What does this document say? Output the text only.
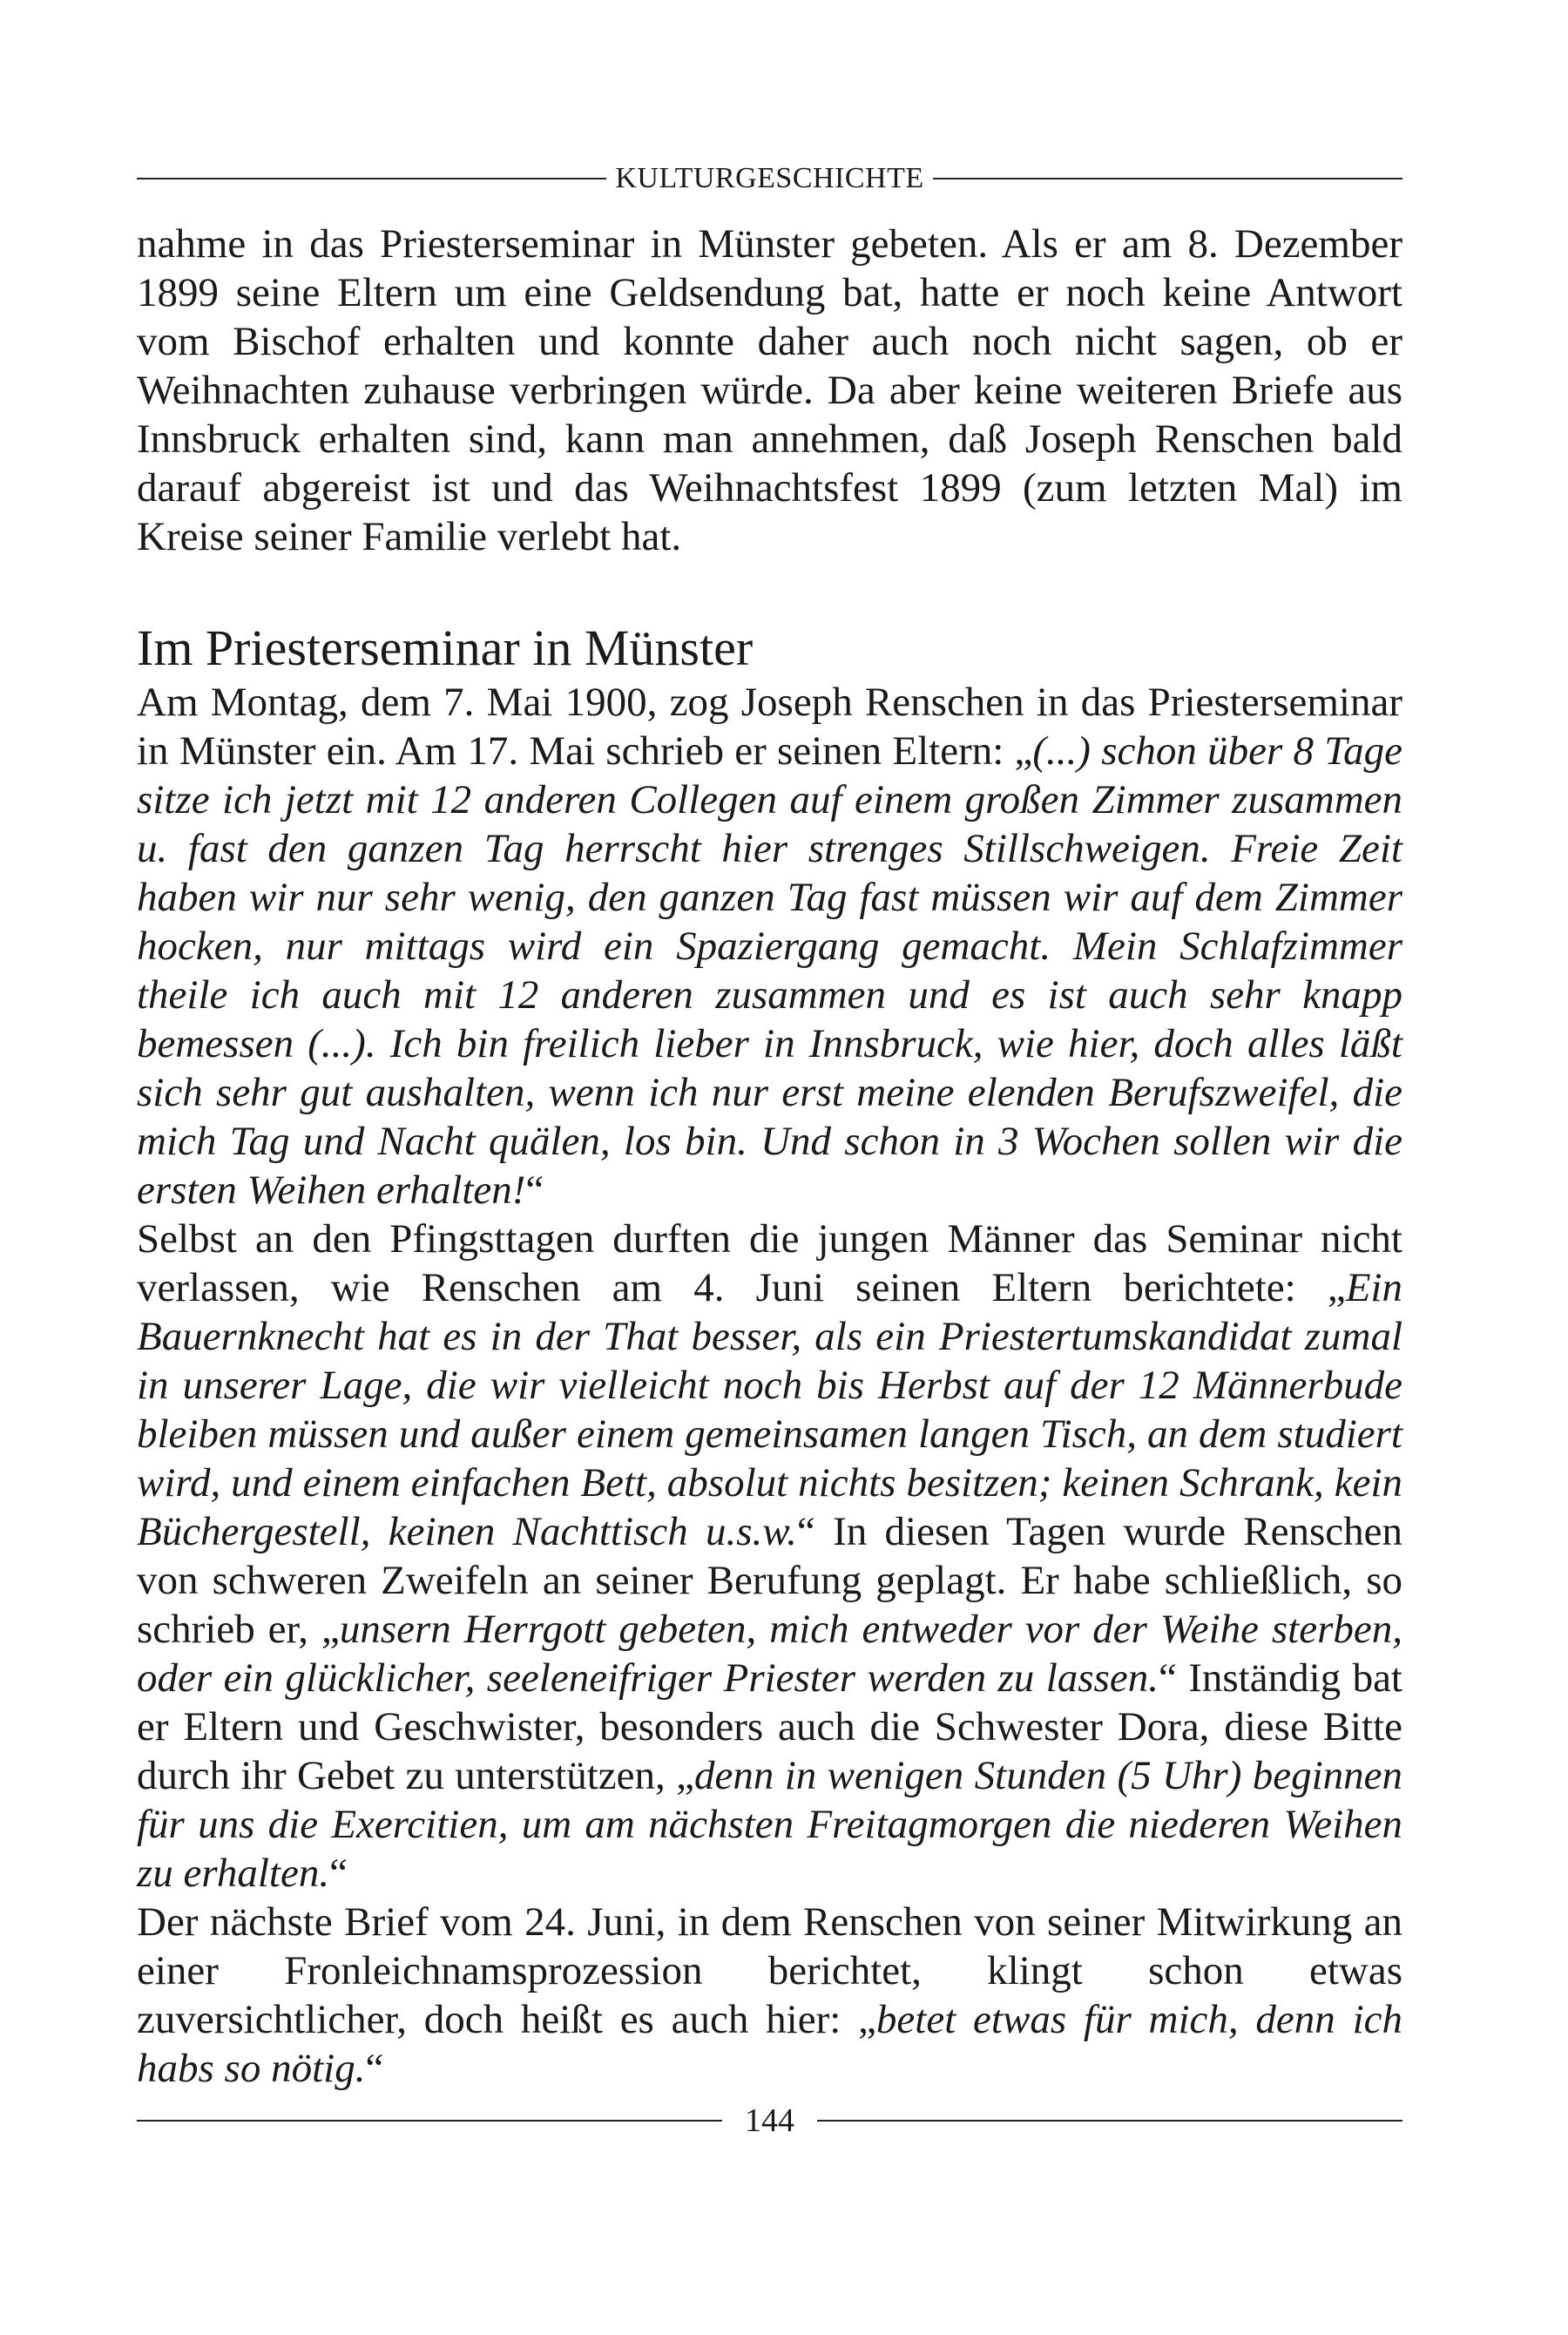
KULTURGESCHICHTE

nahme in das Priesterseminar in Münster gebeten. Als er am 8. Dezember 1899 seine Eltern um eine Geldsendung bat, hatte er noch keine Antwort vom Bischof erhalten und konnte daher auch noch nicht sagen, ob er Weihnachten zuhause verbringen würde. Da aber keine weiteren Briefe aus Innsbruck erhalten sind, kann man annehmen, daß Joseph Renschen bald darauf abgereist ist und das Weihnachtsfest 1899 (zum letzten Mal) im Kreise seiner Familie verlebt hat.

Im Priesterseminar in Münster

Am Montag, dem 7. Mai 1900, zog Joseph Renschen in das Priesterseminar in Münster ein. Am 17. Mai schrieb er seinen Eltern: „(...) schon über 8 Tage sitze ich jetzt mit 12 anderen Collegen auf einem großen Zimmer zusammen u. fast den ganzen Tag herrscht hier strenges Stillschweigen. Freie Zeit haben wir nur sehr wenig, den ganzen Tag fast müssen wir auf dem Zimmer hocken, nur mittags wird ein Spaziergang gemacht. Mein Schlafzimmer theile ich auch mit 12 anderen zusammen und es ist auch sehr knapp bemessen (...). Ich bin freilich lieber in Innsbruck, wie hier, doch alles läßt sich sehr gut aushalten, wenn ich nur erst meine elenden Berufszweifel, die mich Tag und Nacht quälen, los bin. Und schon in 3 Wochen sollen wir die ersten Weihen erhalten!“

Selbst an den Pfingsttagen durften die jungen Männer das Seminar nicht verlassen, wie Renschen am 4. Juni seinen Eltern berichtete: „Ein Bauernknecht hat es in der That besser, als ein Priestertumskandidat zumal in unserer Lage, die wir vielleicht noch bis Herbst auf der 12 Männerbude bleiben müssen und außer einem gemeinsamen langen Tisch, an dem studiert wird, und einem einfachen Bett, absolut nichts besitzen; keinen Schrank, kein Büchergestell, keinen Nachttisch u.s.w.“ In diesen Tagen wurde Renschen von schweren Zweifeln an seiner Berufung geplagt. Er habe schließlich, so schrieb er, „unsern Herrgott gebeten, mich entweder vor der Weihe sterben, oder ein glücklicher, seeleneifriger Priester werden zu lassen.“ Inständig bat er Eltern und Geschwister, besonders auch die Schwester Dora, diese Bitte durch ihr Gebet zu unterstützen, „denn in wenigen Stunden (5 Uhr) beginnen für uns die Exercitien, um am nächsten Freitagmorgen die niederen Weihen zu erhalten.“

Der nächste Brief vom 24. Juni, in dem Renschen von seiner Mitwirkung an einer Fronleichnamsprozession berichtet, klingt schon etwas zuversichtlicher, doch heißt es auch hier: „betet etwas für mich, denn ich habs so nötig.“

144
